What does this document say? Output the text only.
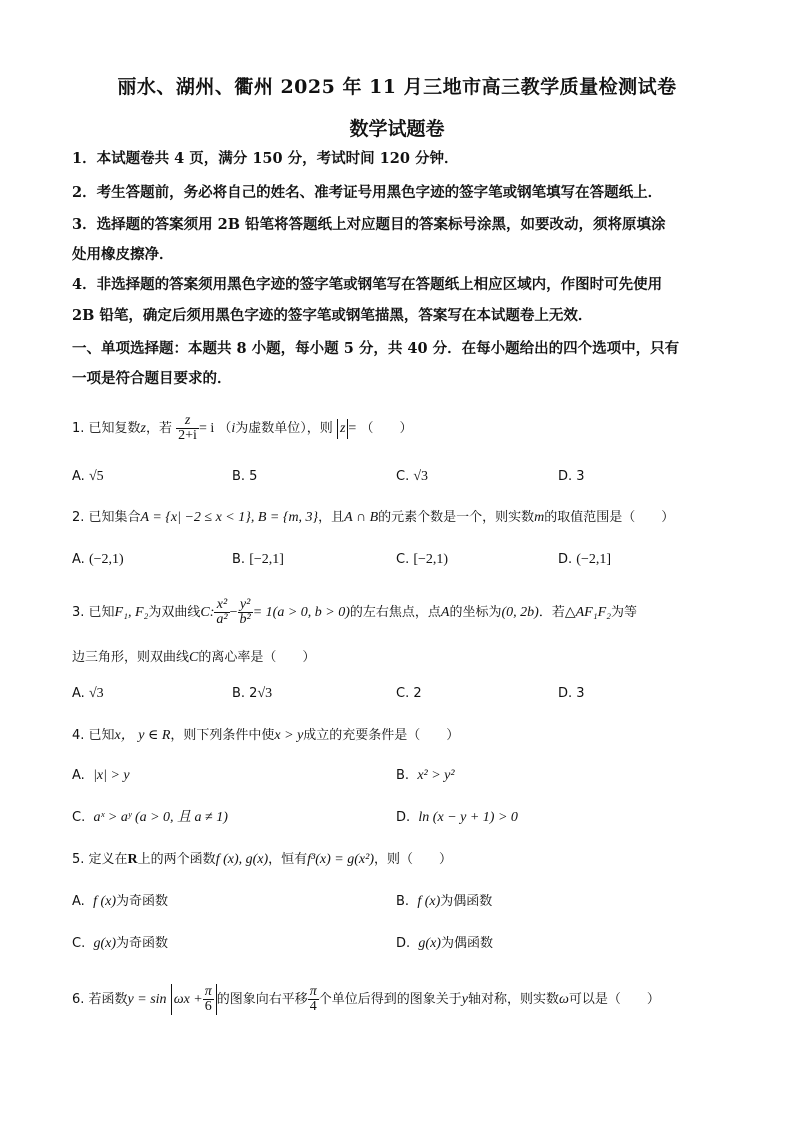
丽水、湖州、衢州 2025 年 11 月三地市高三教学质量检测试卷
数学试题卷
1．本试题卷共 4 页，满分 150 分，考试时间 120 分钟．
2．考生答题前，务必将自己的姓名、准考证号用黑色字迹的签字笔或钢笔填写在答题纸上．
3．选择题的答案须用 2B 铅笔将答题纸上对应题目的答案标号涂黑，如要改动，须将原填涂
处用橡皮擦净．
4．非选择题的答案须用黑色字迹的签字笔或钢笔写在答题纸上相应区域内，作图时可先使用
2B 铅笔，确定后须用黑色字迹的签字笔或钢笔描黑，答案写在本试题卷上无效．
一、单项选择题：本题共 8 小题，每小题 5 分，共 40 分．在每小题给出的四个选项中，只有
一项是符合题目要求的．
1. 已知复数z，若 $\frac{z}{2+i} = i$ （i为虚数单位），则 z = （　　）
A. √5	B. 5	C. √3	D. 3
2. 已知集合A = {x| −2 ≤ x < 1}, B = {m, 3}，且A ∩ B的元素个数是一个，则实数m的取值范围是（　　）
A. (−2,1)	B. [−2,1]	C. [−2,1)	D. (−2,1]
3. 已知F₁, F₂为双曲线C: $\frac{\text{x²}}{\text{a²}} - \frac{\text{y²}}{\text{b²}} = 1(a > 0$, b > 0)的左右焦点，点A的坐标为(0, 2b)．若△AF₁F₂为等
边三角形，则双曲线C的离心率是（　　）
A. √3	B. 2√3	C. 2	D. 3
4. 已知x， y ∈ R，则下列条件中使x > y成立的充要条件是（　　）
A. |x| > y	B. x² > y²
C. aˣ > aʸ (a > 0, 且 a ≠ 1)	D. ln (x − y + 1) > 0
5. 定义在R上的两个函数f (x), g(x)，恒有f³(x) = g(x²)，则（　　）
A. f (x)为奇函数	B. f (x)为偶函数
C. g(x)为奇函数	D. g(x)为偶函数
6. 若函数$y = \sin \omega x + \frac{\pi}{6}$ 的图象向右平移 $\frac{\pi}{4}$ 个单位后得到的图象关于y轴对称，则实数ω可以是（　　）
